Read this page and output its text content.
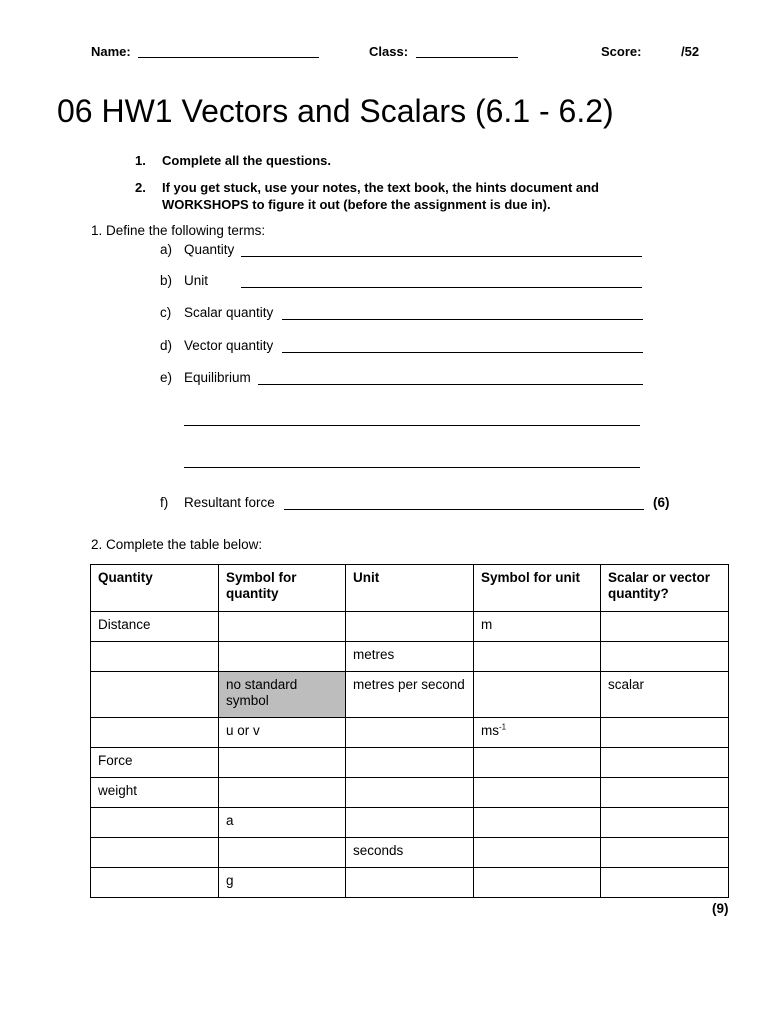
Name:	Class:	Score:	/52
06 HW1 Vectors and Scalars (6.1 - 6.2)
1. Complete all the questions.
2. If you get stuck, use your notes, the text book, the hints document and
WORKSHOPS to figure it out (before the assignment is due in).
1. Define the following terms:
a) Quantity
b) Unit
c) Scalar quantity
d) Vector quantity
e) Equilibrium
f) Resultant force	(6)
2. Complete the table below:
Quantity	Symbol for quantity	Unit	Symbol for unit	Scalar or vector quantity?
Distance			m	
		metres		
	no standard symbol	metres per second		scalar
	u or v		$ms^{-1}$	
Force				
weight				
	a			
		seconds		
	g			
(9)
